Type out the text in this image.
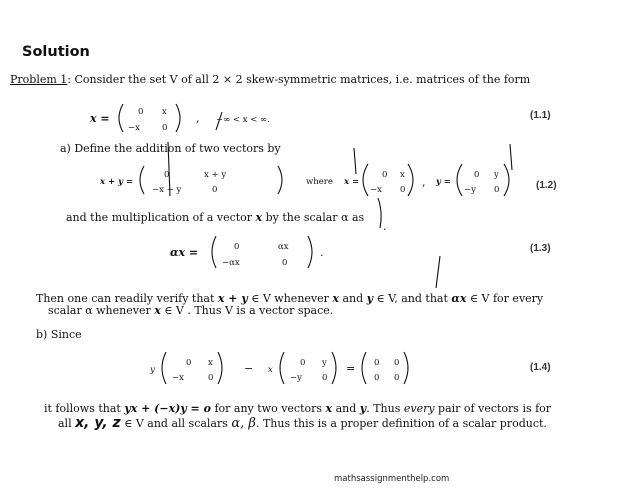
Solution
Problem 1: Consider the set V of all 2 × 2 skew-symmetric matrices, i.e. matrices of the form
x =	0 x
−x	0
, −∞ < x < ∞.	(1.1)
a) Define the addition of two vectors by
x + y =
0	x + y
−x − y	0
where x =
0 x
−x 0
, y =
0 y
−y 0	(1.2)
and the multiplication of a vector x by the scalar α as
.
αx =	0	αx
−αx	0
.	(1.3)
Then one can readily verify that x + y ∈ V whenever x and y ∈ V, and that αx ∈ V for every
scalar α whenever x ∈ V . Thus V is a vector space.
b) Since
y
0 x
−x	0
− x
0 y
−y 0
= 0 0
0 0
(1.4)
it follows that yx + (−x)y = o for any two vectors x and y. Thus every pair of vectors is for
all x, y, z ∈ V and all scalars α, β. Thus this is a proper definition of a scalar product.
mathsassignmenthelp.com
